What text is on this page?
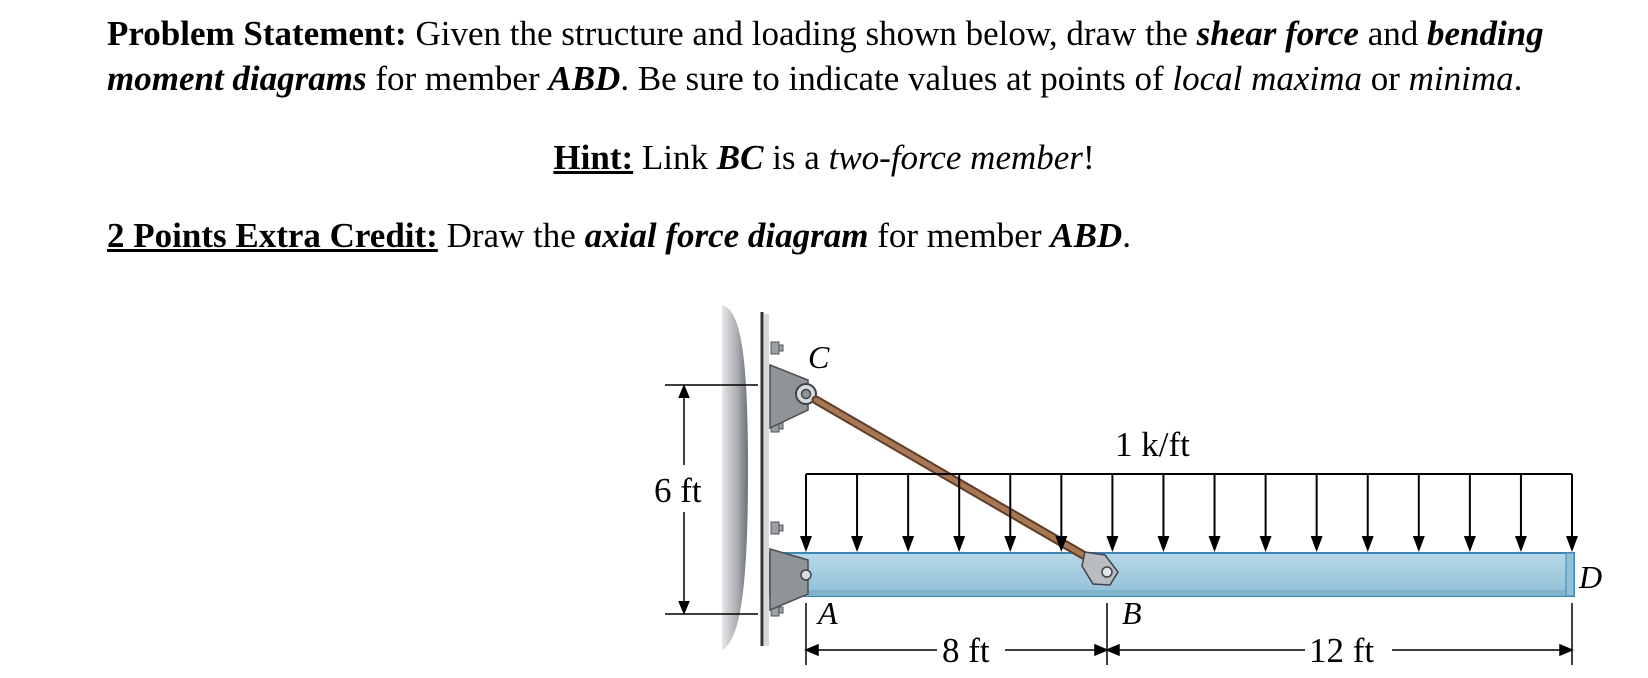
Problem Statement: Given the structure and loading shown below, draw the shear force and bending moment diagrams for member ABD. Be sure to indicate values at points of local maxima or minima.

Hint: Link BC is a two-force member!

2 Points Extra Credit: Draw the axial force diagram for member ABD.

C
A	B
D
1 k/ft
6 ft
8 ft	12 ft
